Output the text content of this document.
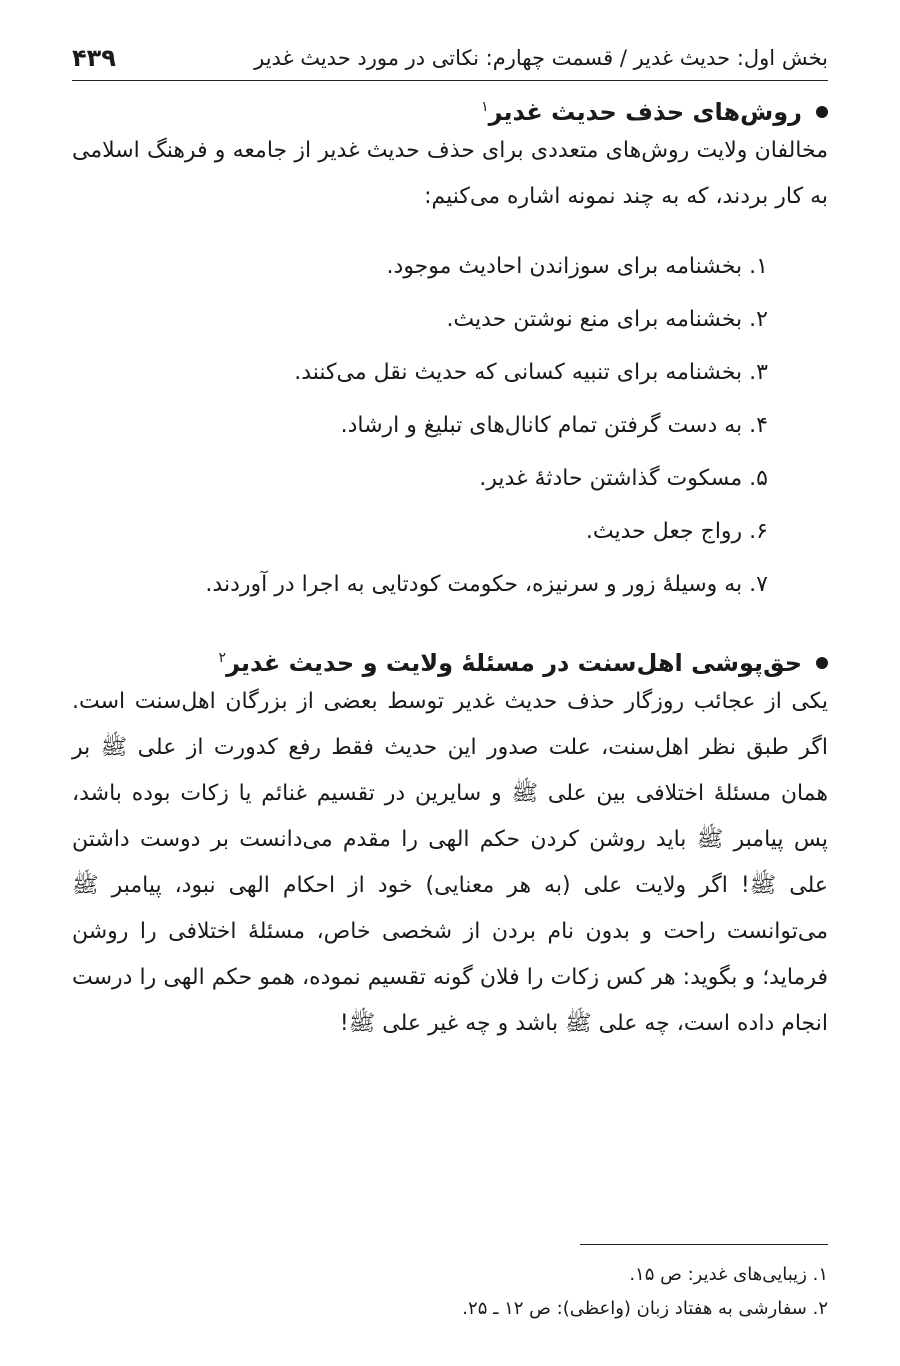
۴۳۹	بخش اول: حدیث غدیر / قسمت چهارم: نکاتی در مورد حدیث غدیر
روش‌های حذف حدیث غدیر$^۱$

مخالفان ولایت روش‌های متعددی برای حذف حدیث غدیر از جامعه و فرهنگ اسلامی به کار بردند، که به چند نمونه اشاره می‌کنیم:

۱. بخشنامه برای سوزاندن احادیث موجود.
۲. بخشنامه برای منع نوشتن حدیث.
۳. بخشنامه برای تنبیه کسانی که حدیث نقل می‌کنند.
۴. به دست گرفتن تمام کانال‌های تبلیغ و ارشاد.
۵. مسکوت گذاشتن حادثهٔ غدیر.
۶. رواج جعل حدیث.
۷. به وسیلهٔ زور و سرنیزه، حکومت کودتایی به اجرا در آوردند.
حق‌پوشی اهل‌سنت در مسئلهٔ ولایت و حدیث غدیر$^۲$

یکی از عجائب روزگار حذف حدیث غدیر توسط بعضی از بزرگان اهل‌سنت است. اگر طبق نظر اهل‌سنت، علت صدور این حدیث فقط رفع کدورت از علی ﷺ بر همان مسئلهٔ اختلافی بین علی ﷺ و سایرین در تقسیم غنائم یا زکات بوده باشد، پس پیامبر ﷺ باید روشن کردن حکم الهی را مقدم می‌دانست بر دوست داشتن علی ﷺ! اگر ولایت علی (به هر معنایی) خود از احکام الهی نبود، پیامبر ﷺ می‌توانست راحت و بدون نام بردن از شخصی خاص، مسئلهٔ اختلافی را روشن فرماید؛ و بگوید: هر کس زکات را فلان گونه تقسیم نموده، همو حکم الهی را درست انجام داده است، چه علی ﷺ باشد و چه غیر علی ﷺ!

۱. زیبایی‌های غدیر: ص ۱۵.
۲. سفارشی به هفتاد زبان (واعظی): ص ۱۲ ـ ۲۵.
